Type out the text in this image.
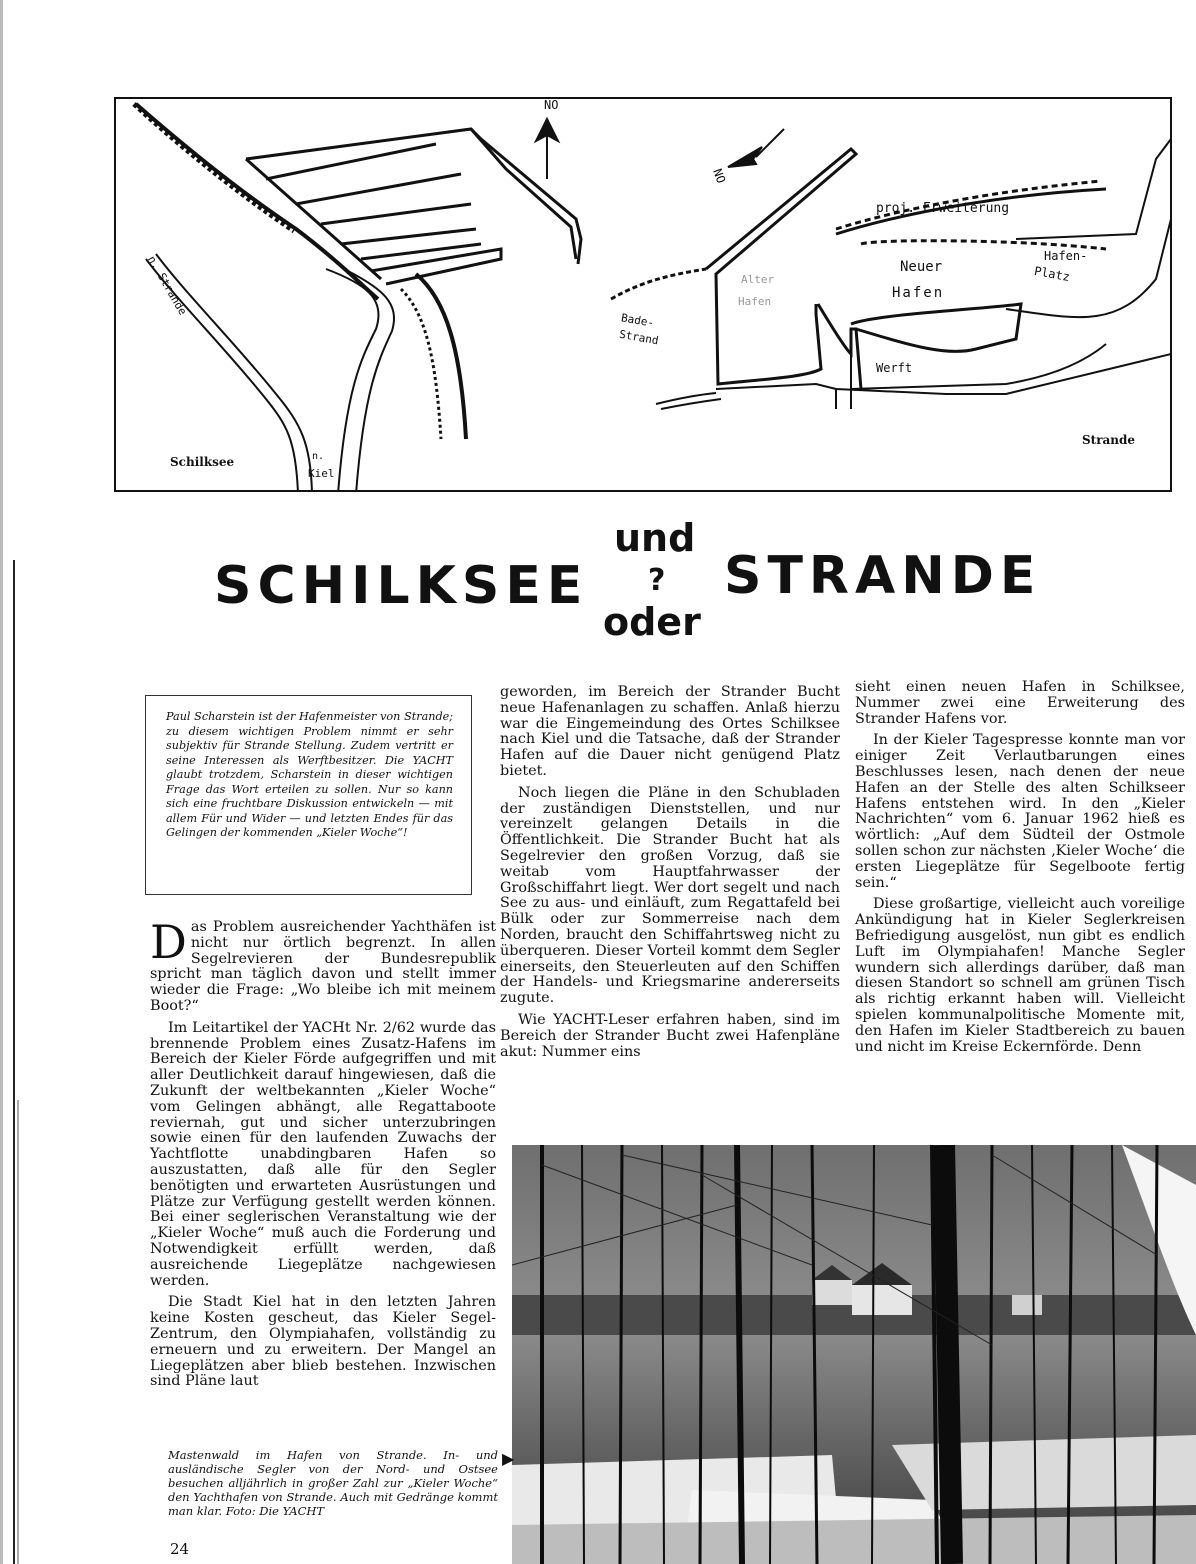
NO
NO
proj. Erweiterung
Neuer
Hafen
Alter
Hafen
Hafen-
Platz
Bade-
Strand
Werft
n. Strande
n.
Kiel
Schilksee
Strande
SCHILKSEE
und
?
oder
STRANDE

Paul Scharstein ist der Hafenmeister von Strande; zu diesem wichtigen Problem nimmt er sehr subjektiv für Strande Stellung. Zudem vertritt er seine Interessen als Werftbesitzer. Die YACHT glaubt trotzdem, Scharstein in dieser wichtigen Frage das Wort erteilen zu sollen. Nur so kann sich eine fruchtbare Diskussion entwickeln — mit allem Für und Wider — und letzten Endes für das Gelingen der kommenden „Kieler Woche“!

Das Problem ausreichender Yachthäfen ist nicht nur örtlich begrenzt. In allen Segelrevieren der Bundesrepublik spricht man täglich davon und stellt immer wieder die Frage: „Wo bleibe ich mit meinem Boot?“

Im Leitartikel der YACHt Nr. 2/62 wurde das brennende Problem eines Zusatz-Hafens im Bereich der Kieler Förde aufgegriffen und mit aller Deutlichkeit darauf hingewiesen, daß die Zukunft der weltbekannten „Kieler Woche“ vom Gelingen abhängt, alle Regattaboote reviernah, gut und sicher unterzubringen sowie einen für den laufenden Zuwachs der Yachtflotte unabdingbaren Hafen so auszustatten, daß alle für den Segler benötigten und erwarteten Ausrüstungen und Plätze zur Verfügung gestellt werden können. Bei einer seglerischen Veranstaltung wie der „Kieler Woche“ muß auch die Forderung und Notwendigkeit erfüllt werden, daß ausreichende Liegeplätze nachgewiesen werden.

Die Stadt Kiel hat in den letzten Jahren keine Kosten gescheut, das Kieler Segel-Zentrum, den Olympiahafen, vollständig zu erneuern und zu erweitern. Der Mangel an Liegeplätzen aber blieb bestehen. Inzwischen sind Pläne laut

geworden, im Bereich der Strander Bucht neue Hafenanlagen zu schaffen. Anlaß hierzu war die Eingemeindung des Ortes Schilksee nach Kiel und die Tatsache, daß der Strander Hafen auf die Dauer nicht genügend Platz bietet.

Noch liegen die Pläne in den Schubladen der zuständigen Dienststellen, und nur vereinzelt gelangen Details in die Öffentlichkeit. Die Strander Bucht hat als Segelrevier den großen Vorzug, daß sie weitab vom Hauptfahrwasser der Großschiffahrt liegt. Wer dort segelt und nach See zu aus- und einläuft, zum Regattafeld bei Bülk oder zur Sommerreise nach dem Norden, braucht den Schiffahrtsweg nicht zu überqueren. Dieser Vorteil kommt dem Segler einerseits, den Steuerleuten auf den Schiffen der Handels- und Kriegsmarine andererseits zugute.

Wie YACHT-Leser erfahren haben, sind im Bereich der Strander Bucht zwei Hafenpläne akut: Nummer eins

sieht einen neuen Hafen in Schilksee, Nummer zwei eine Erweiterung des Strander Hafens vor.

In der Kieler Tagespresse konnte man vor einiger Zeit Verlautbarungen eines Beschlusses lesen, nach denen der neue Hafen an der Stelle des alten Schilkseer Hafens entstehen wird. In den „Kieler Nachrichten“ vom 6. Januar 1962 hieß es wörtlich: „Auf dem Südteil der Ostmole sollen schon zur nächsten ‚Kieler Woche‘ die ersten Liegeplätze für Segelboote fertig sein.“

Diese großartige, vielleicht auch voreilige Ankündigung hat in Kieler Seglerkreisen Befriedigung ausgelöst, nun gibt es endlich Luft im Olympiahafen! Manche Segler wundern sich allerdings darüber, daß man diesen Standort so schnell am grünen Tisch als richtig erkannt haben will. Vielleicht spielen kommunalpolitische Momente mit, den Hafen im Kieler Stadtbereich zu bauen und nicht im Kreise Eckernförde. Denn

Mastenwald im Hafen von Strande. In- und ausländische Segler von der Nord- und Ostsee besuchen alljährlich in großer Zahl zur „Kieler Woche“ den Yachthafen von Strande. Auch mit Gedränge kommt man klar. Foto: Die YACHT
▶
24
